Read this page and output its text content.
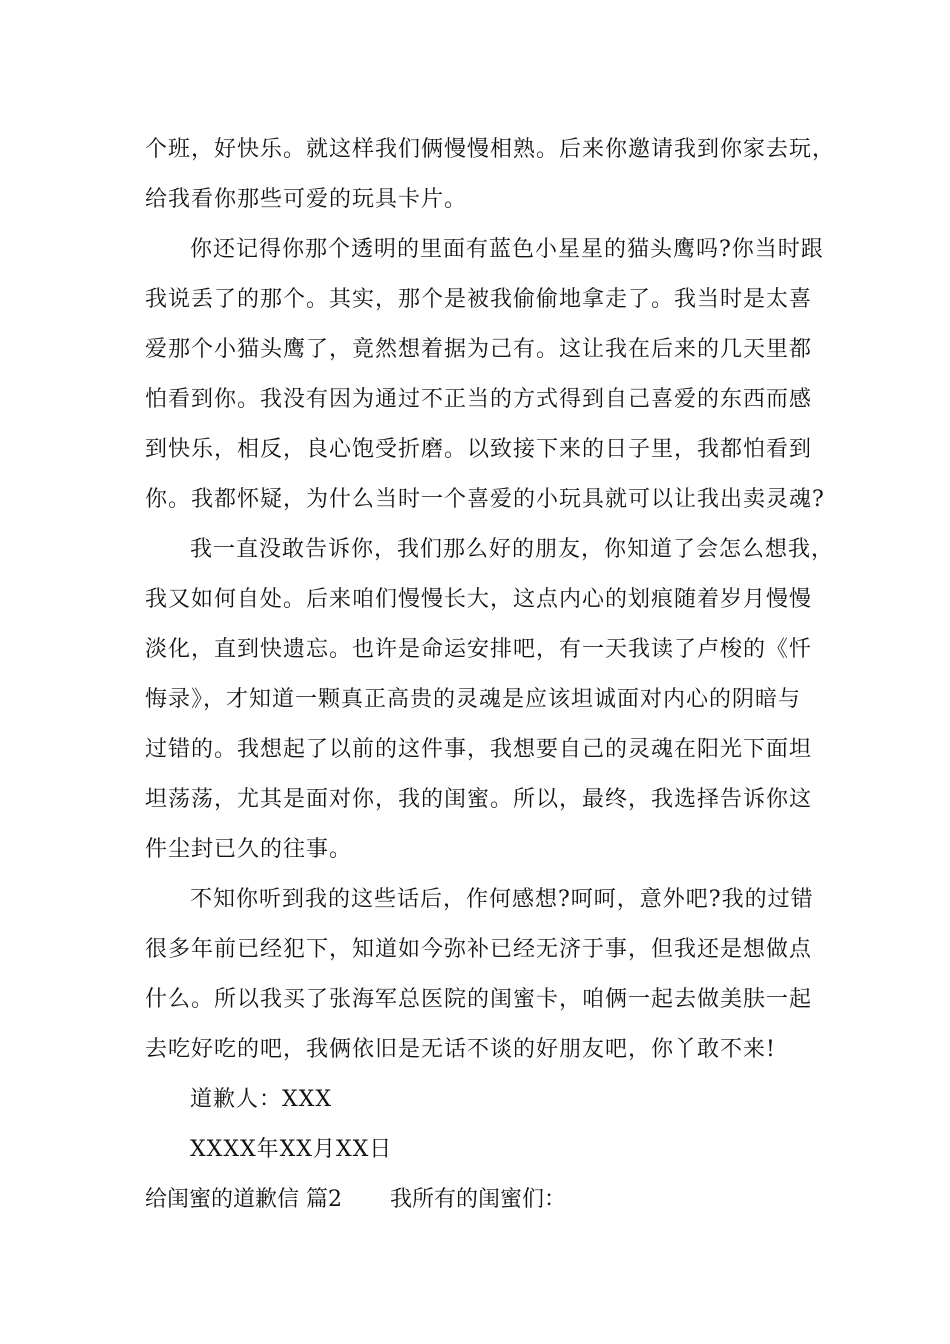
个班，好快乐。就这样我们俩慢慢相熟。后来你邀请我到你家去玩，
给我看你那些可爱的玩具卡片。
你还记得你那个透明的里面有蓝色小星星的猫头鹰吗?你当时跟
我说丢了的那个。其实，那个是被我偷偷地拿走了。我当时是太喜
爱那个小猫头鹰了，竟然想着据为己有。这让我在后来的几天里都
怕看到你。我没有因为通过不正当的方式得到自己喜爱的东西而感
到快乐，相反，良心饱受折磨。以致接下来的日子里，我都怕看到
你。我都怀疑，为什么当时一个喜爱的小玩具就可以让我出卖灵魂?
我一直没敢告诉你，我们那么好的朋友，你知道了会怎么想我，
我又如何自处。后来咱们慢慢长大，这点内心的划痕随着岁月慢慢
淡化，直到快遗忘。也许是命运安排吧，有一天我读了卢梭的《忏
悔录》，才知道一颗真正高贵的灵魂是应该坦诚面对内心的阴暗与
过错的。我想起了以前的这件事，我想要自己的灵魂在阳光下面坦
坦荡荡，尤其是面对你，我的闺蜜。所以，最终，我选择告诉你这
件尘封已久的往事。
不知你听到我的这些话后，作何感想?呵呵，意外吧?我的过错
很多年前已经犯下，知道如今弥补已经无济于事，但我还是想做点
什么。所以我买了张海军总医院的闺蜜卡，咱俩一起去做美肤一起
去吃好吃的吧，我俩依旧是无话不谈的好朋友吧，你丫敢不来!
道歉人：XXX
XXXX年XX月XX日
给闺蜜的道歉信 篇2 我所有的闺蜜们：
